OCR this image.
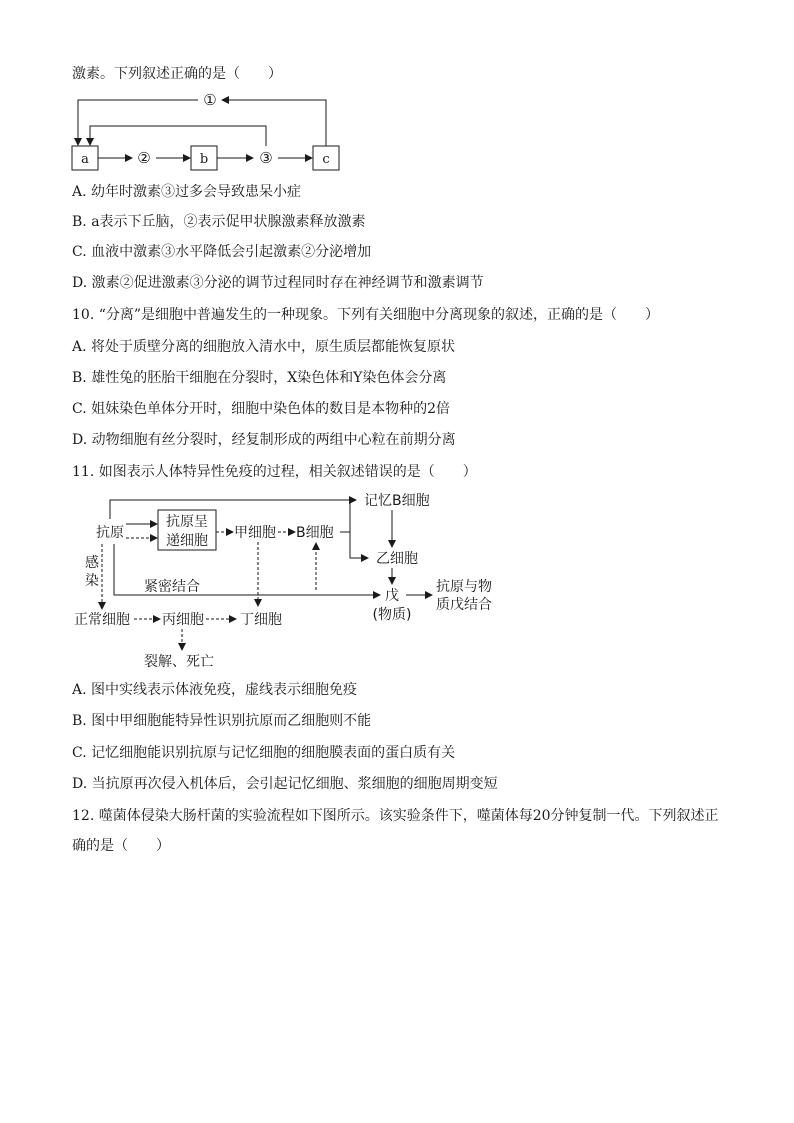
激素。下列叙述正确的是（　　）
a	b	c
②	③
①
A. 幼年时激素③过多会导致患呆小症
B. a表示下丘脑，②表示促甲状腺激素释放激素
C. 血液中激素③水平降低会引起激素②分泌增加
D. 激素②促进激素③分泌的调节过程同时存在神经调节和激素调节
10. “分离”是细胞中普遍发生的一种现象。下列有关细胞中分离现象的叙述，正确的是（　　）
A. 将处于质壁分离的细胞放入清水中，原生质层都能恢复原状
B. 雄性兔的胚胎干细胞在分裂时，X染色体和Y染色体会分离
C. 姐妹染色单体分开时，细胞中染色体的数目是本物种的2倍
D. 动物细胞有丝分裂时，经复制形成的两组中心粒在前期分离
11. 如图表示人体特异性免疫的过程，相关叙述错误的是（　　）
抗原
抗原呈
递细胞 甲细胞 B细胞
记忆B细胞
乙细胞
感
染	紧密结合
戊
(物质)
抗原与物
质戊结合
正常细胞 丙细胞	丁细胞
裂解、死亡
A. 图中实线表示体液免疫，虚线表示细胞免疫
B. 图中甲细胞能特异性识别抗原而乙细胞则不能
C. 记忆细胞能识别抗原与记忆细胞的细胞膜表面的蛋白质有关
D. 当抗原再次侵入机体后，会引起记忆细胞、浆细胞的细胞周期变短
12. 噬菌体侵染大肠杆菌的实验流程如下图所示。该实验条件下，噬菌体每20分钟复制一代。下列叙述正
确的是（　　）
